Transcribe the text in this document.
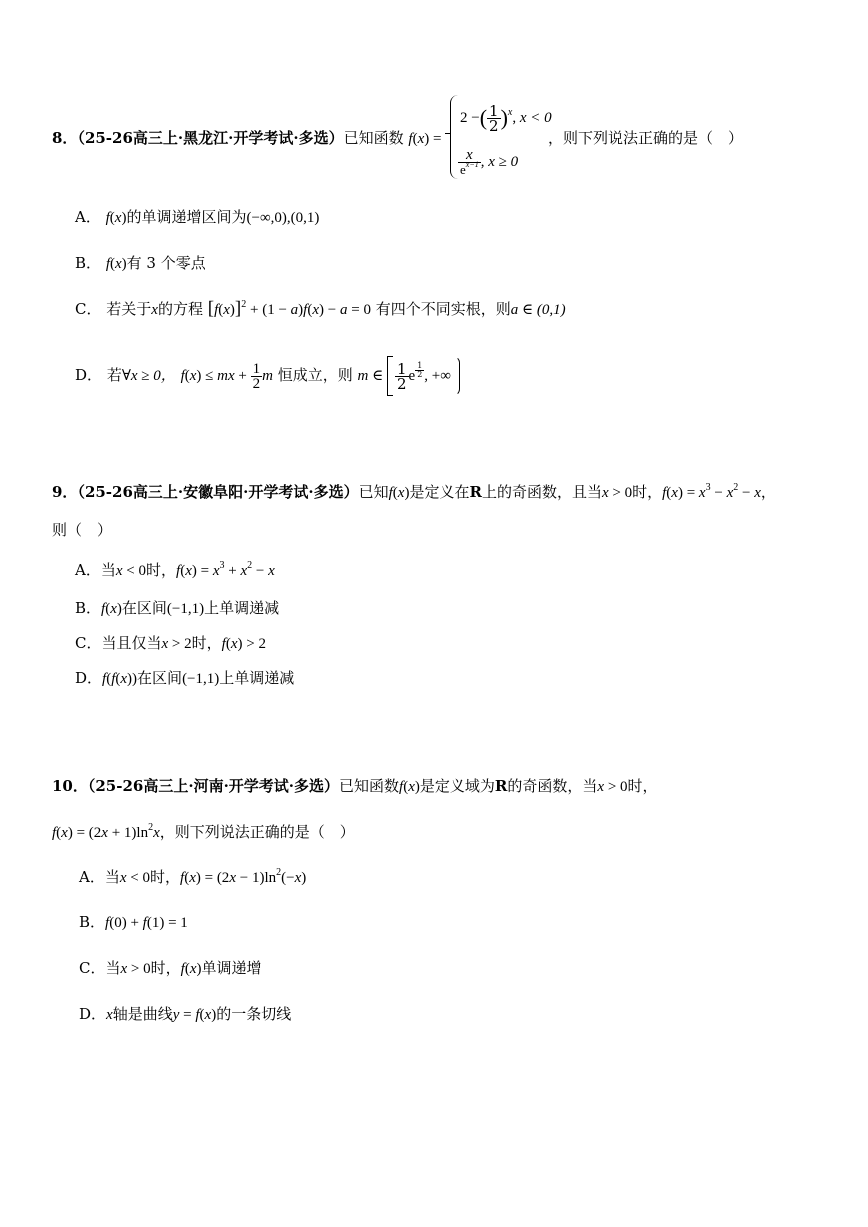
8．（25-26高三上·黑龙江·开学考试·多选）已知函数 f(x) =
2 −( $\frac{1}{2} )^x$, x < 0
$\frac{x}{e^{x-1}}$ , x ≥ 0
，则下列说法正确的是（　）
A． f(x)的单调递增区间为(−∞,0),(0,1)
B． f(x)有 3 个零点
C． 若关于x的方程 $[f(x)]^2 + (1 - a)f(x) - a = 0$ 有四个不同实根，则a ∈ (0,1)
D． 若∀x ≥ 0， f(x) ≤ mx + $\frac{1}{2}$ m 恒成立，则 m ∈ $\frac{1}{2}$ e $^{\frac{1}{2}}$ , +∞
9．（25-26高三上·安徽阜阳·开学考试·多选）已知f(x)是定义在R上的奇函数，且当x > 0时，$f(x) = x^3 - x^2 - x$，
则（　）
A．当x < 0时，$f(x) = x^3 + x^2 - x$
B．f(x)在区间(−1,1)上单调递减
C．当且仅当x > 2时，f(x) > 2
D．f(f(x))在区间(−1,1)上单调递减
10．（25-26高三上·河南·开学考试·多选）已知函数f(x)是定义域为R的奇函数，当x > 0时，
$f(x) = (2x + 1)\ln^2x$，则下列说法正确的是（　）
A．当x < 0时，$f(x) = (2x - 1)\ln^2(-x)$
B．f(0) + f(1) = 1
C．当x > 0时，f(x)单调递增
D．x轴是曲线y = f(x)的一条切线
